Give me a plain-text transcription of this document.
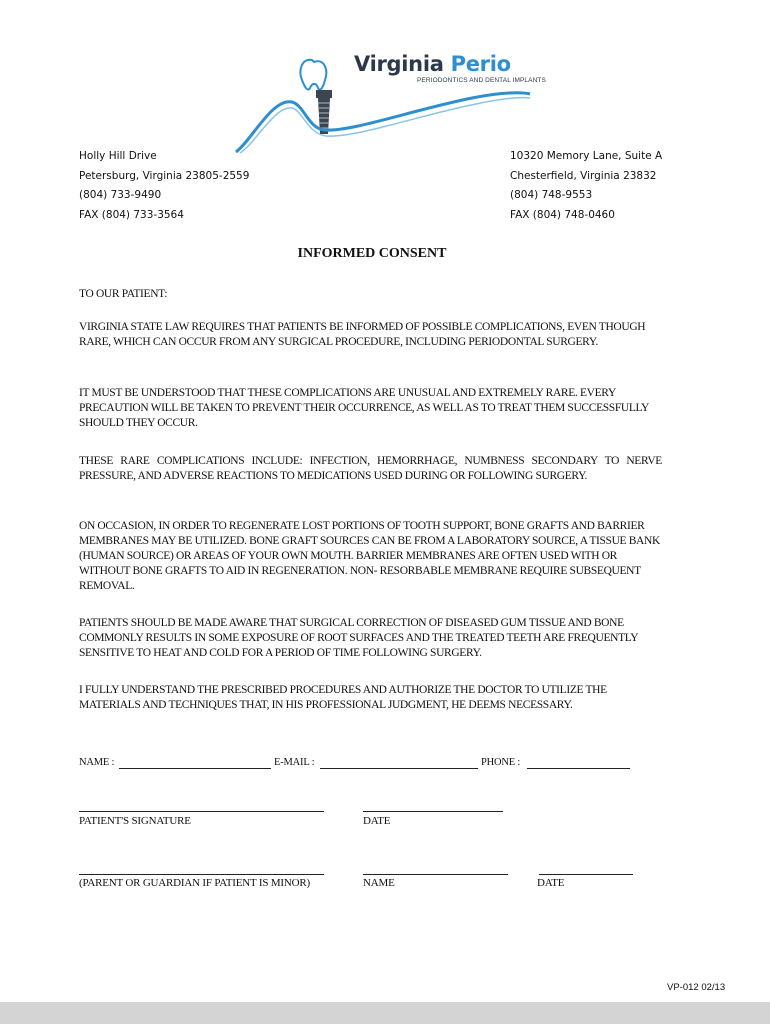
Virginia Perio
PERIODONTICS AND DENTAL IMPLANTS
Holly Hill Drive
Petersburg, Virginia 23805-2559
(804) 733-9490
FAX (804) 733-3564
10320 Memory Lane, Suite A
Chesterfield, Virginia 23832
(804) 748-9553
FAX (804) 748-0460
INFORMED CONSENT
TO OUR PATIENT:
VIRGINIA STATE LAW REQUIRES THAT PATIENTS BE INFORMED OF POSSIBLE COMPLICATIONS, EVEN THOUGH RARE, WHICH CAN OCCUR FROM ANY SURGICAL PROCEDURE, INCLUDING PERIODONTAL SURGERY.
IT MUST BE UNDERSTOOD THAT THESE COMPLICATIONS ARE UNUSUAL AND EXTREMELY RARE. EVERY PRECAUTION WILL BE TAKEN TO PREVENT THEIR OCCURRENCE, AS WELL AS TO TREAT THEM SUCCESSFULLY SHOULD THEY OCCUR.
THESE RARE COMPLICATIONS INCLUDE: INFECTION, HEMORRHAGE, NUMBNESS SECONDARY TO NERVE PRESSURE, AND ADVERSE REACTIONS TO MEDICATIONS USED DURING OR FOLLOWING SURGERY.
ON OCCASION, IN ORDER TO REGENERATE LOST PORTIONS OF TOOTH SUPPORT, BONE GRAFTS AND BARRIER MEMBRANES MAY BE UTILIZED. BONE GRAFT SOURCES CAN BE FROM A LABORATORY SOURCE, A TISSUE BANK (HUMAN SOURCE) OR AREAS OF YOUR OWN MOUTH. BARRIER MEMBRANES ARE OFTEN USED WITH OR WITHOUT BONE GRAFTS TO AID IN REGENERATION. NON- RESORBABLE MEMBRANE REQUIRE SUBSEQUENT REMOVAL.
PATIENTS SHOULD BE MADE AWARE THAT SURGICAL CORRECTION OF DISEASED GUM TISSUE AND BONE COMMONLY RESULTS IN SOME EXPOSURE OF ROOT SURFACES AND THE TREATED TEETH ARE FREQUENTLY SENSITIVE TO HEAT AND COLD FOR A PERIOD OF TIME FOLLOWING SURGERY.
I FULLY UNDERSTAND THE PRESCRIBED PROCEDURES AND AUTHORIZE THE DOCTOR TO UTILIZE THE MATERIALS AND TECHNIQUES THAT, IN HIS PROFESSIONAL JUDGMENT, HE DEEMS NECESSARY.
NAME :	E-MAIL :	PHONE :
PATIENT'S SIGNATURE	DATE
(PARENT OR GUARDIAN IF PATIENT IS MINOR)	NAME	DATE
VP-012 02/13
